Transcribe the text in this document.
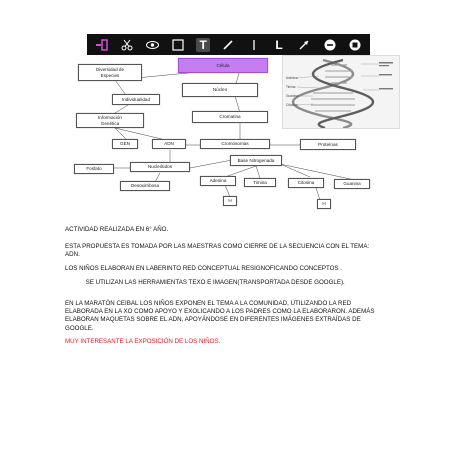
T	L
Célula
Diversidad de
Especies
Núcleo
Individualidad
Información
Genética
Cromatina
GEN	ADN	Cromosomas	Proteínas
Fosfato	Nucleótidos
Base Nitrogenada
Desoxirribosa
Adenina	Timina	Citosina	Guanina
H
H
Adenina
Timina
Guanina
Citosina

ACTIVIDAD REALIZADA EN 6° AÑO.

ESTA PROPUESTA ES TOMADA POR LAS MAESTRAS COMO CIERRE DE LA SECUENCIA CON EL TEMA: ADN.

LOS NIÑOS ELABORAN EN LABERINTO RED CONCEPTUAL RESIGNOFICANDO CONCEPTOS .

SE UTILIZAN LAS HERRAMIENTAS TEXO E IMAGEN(TRANSPORTADA DESDE GOOGLE).

EN LA MARATÓN CEIBAL LOS NIÑOS EXPONEN EL TEMA A LA COMUNIDAD, UTILIZANDO LA RED ELABORADA EN LA XO COMO APOYO Y EXOLICANDO A LOS PADRES COMO LA ELABORARON. ADEMÁS ELABORAN MAQUETAS SOBRE EL ADN, APOYÁNDOSE EN DIFERENTES IMÁGENES EXTRAÍDAS DE GOOGLE.

MUY INTERESANTE LA EXPOSICIÓN DE LOS NIÑOS.
